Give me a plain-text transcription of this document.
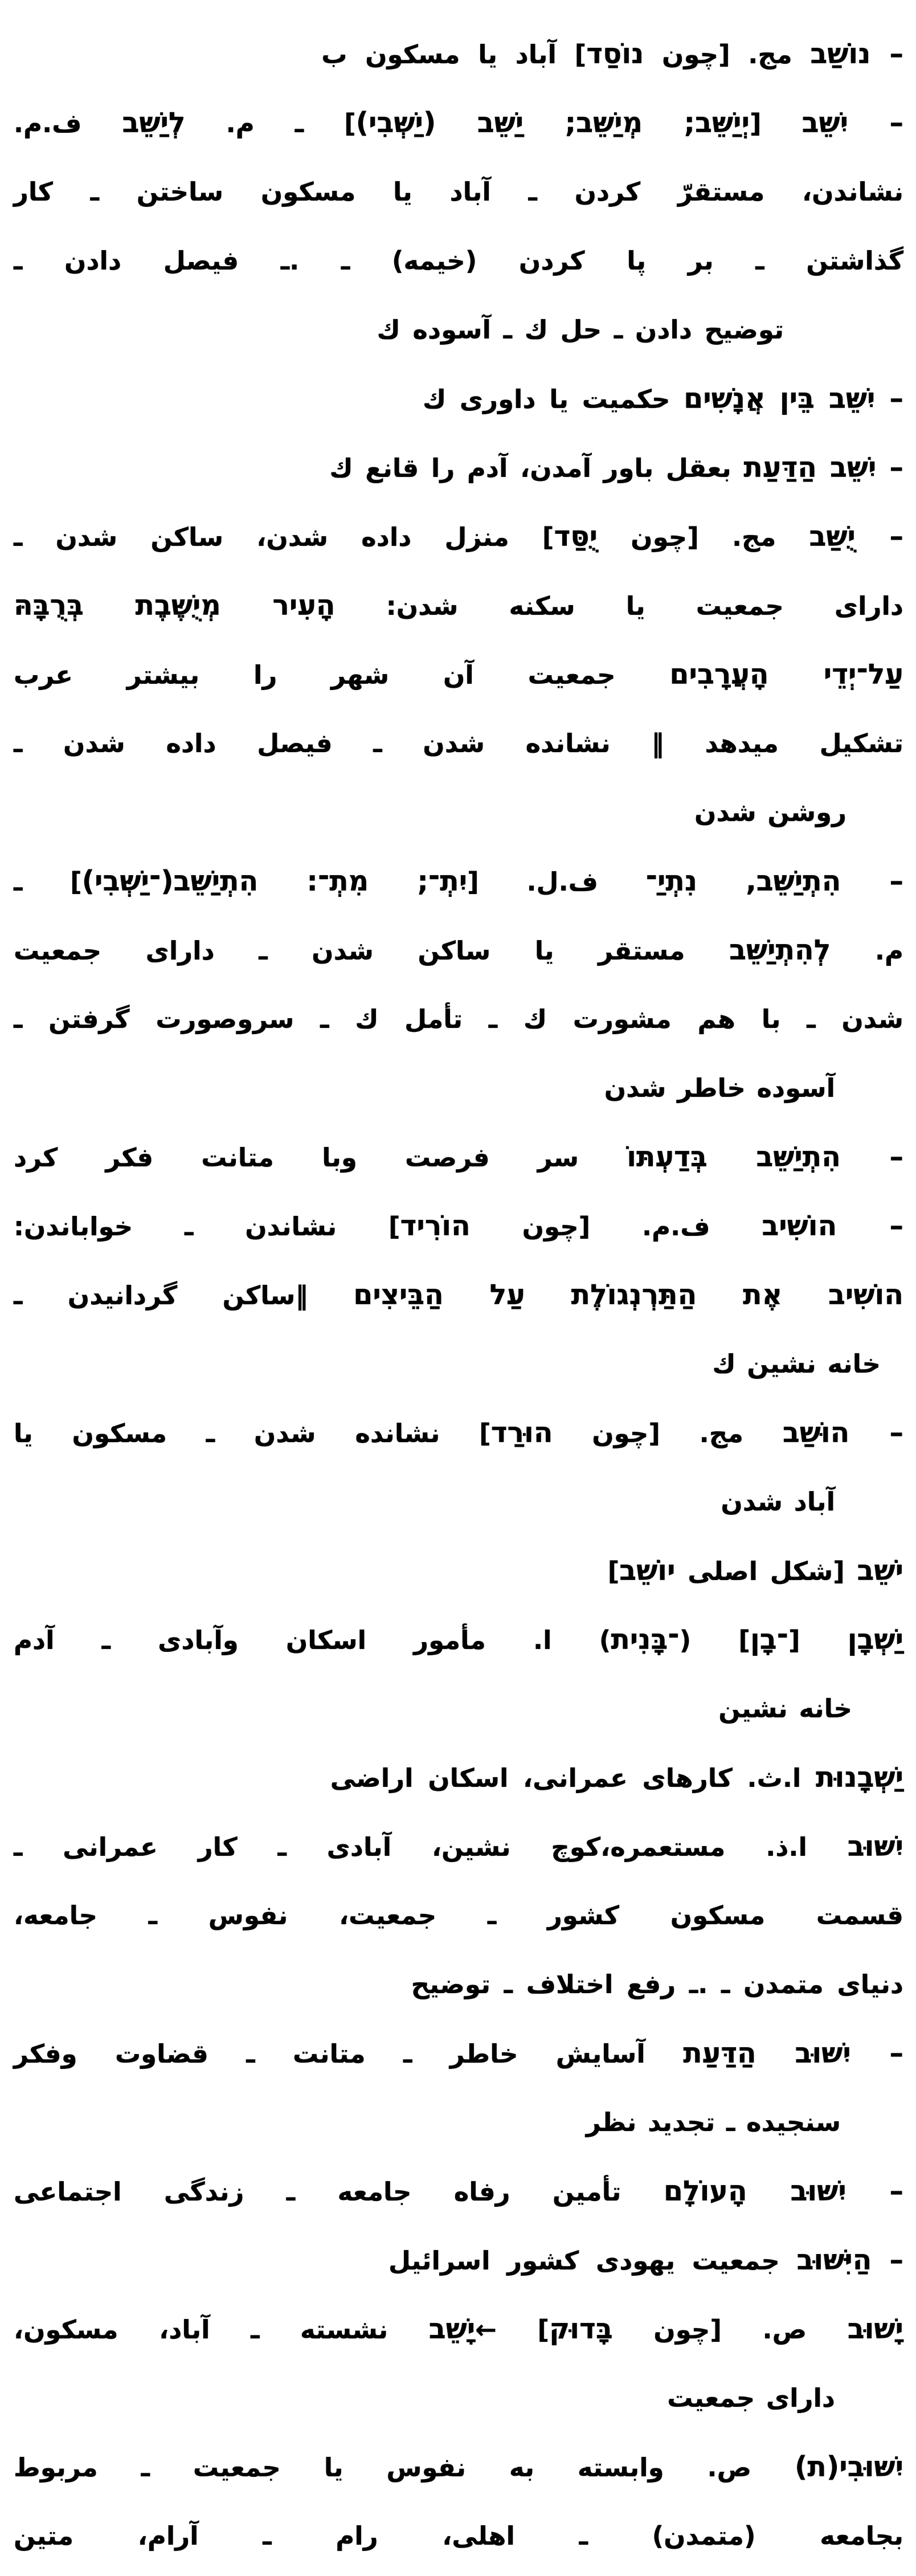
– נוֹשַׁב مج. [چون נוֹסַד] آباد یا مسکون ب
– יִשֵּׁב [יְיַשֵּׁב; מְיַשֵּׁב; יַשֵּׁב (יַשְּׁבִי)] ـ م. לְיַשֵּׁב ف.م.
نشاندن، مستقرّ کردن ـ آباد یا مسکون ساختن ـ کار
گذاشتن ـ بر پا کردن (خیمه) ـ .ـ فیصل دادن ـ
توضیح دادن ـ حل ك ـ آسوده ك
– יִשֵּׁב בֵּין אֲנָשִׁים حکمیت یا داوری ك
– יִשֵּׁב הַדַּעַת بعقل باور آمدن، آدم را قانع ك
– יֻשַּׁב مج. [چون יֻסַּד] منزل داده شدن، ساکن شدن ـ
دارای جمعیت یا سکنه شدن: הָעִיר מְיֻשֶּׁבֶת בְּרֻבָּהּ
עַל־יְדֵי הָעֲרָבִים جمعیت آن شهر را بیشتر عرب
تشکیل میدهد ‖ نشانده شدن ـ فیصل داده شدن ـ
روشن شدن
– הִתְיַשֵּׁב, נִתְיַ־ ف.ل. [יִתְ־; מִתְ־: הִתְיַשֵּׁב(־יַשְּׁבִי)] ـ
م. לְהִתְיַשֵּׁב مستقر یا ساکن شدن ـ دارای جمعیت
شدن ـ با هم مشورت ك ـ تأمل ك ـ سروصورت گرفتن ـ
آسوده خاطر شدن
– הִתְיַשֵּׁב בְּדַעְתּוֹ سر فرصت وبا متانت فکر کرد
– הוֹשִׁיב ف.م. [چون הוֹרִיד] نشاندن ـ خواباندن:
הוֹשִׁיב אֶת הַתַּרְנְגוֹלֶת עַל הַבֵּיצִים ‖ساکن گردانیدن ـ
خانه نشین ك
– הוּשַׁב مج. [چون הוּרַד] نشانده شدن ـ مسکون یا
آباد شدن
יֹשֵׁב [شکل اصلی יוֹשֵׁב]
יַשְׁבָן [־בָן] (־בָּנִית) ا. مأمور اسکان وآبادی ـ آدم
خانه نشین
יַשְׁבָנוּת ا.ث. کارهای عمرانی، اسکان اراضی
יִשּׁוּב ا.ذ. مستعمره،کوچ نشین، آبادی ـ کار عمرانی ـ
قسمت مسکون کشور ـ جمعیت، نفوس ـ جامعه،
دنیای متمدن ـ .ـ رفع اختلاف ـ توضیح
– יִשּׁוּב הַדַּעַת آسایش خاطر ـ متانت ـ قضاوت وفکر
سنجیده ـ تجدید نظر
– יִשּׁוּב הָעוֹלָם تأمین رفاه جامعه ـ زندگی اجتماعی
– הַיִּשּׁוּב جمعیت یهودی کشور اسرائیل
יָשׁוּב ص. [چون בָּדוּק] ←יָשֵׁב نشسته ـ آباد، مسکون،
دارای جمعیت
יִשּׁוּבִי(ת) ص. وابسته به نفوس یا جمعیت ـ مربوط
بجامعه (متمدن) ـ اهلی، رام ـ آرام، متین
